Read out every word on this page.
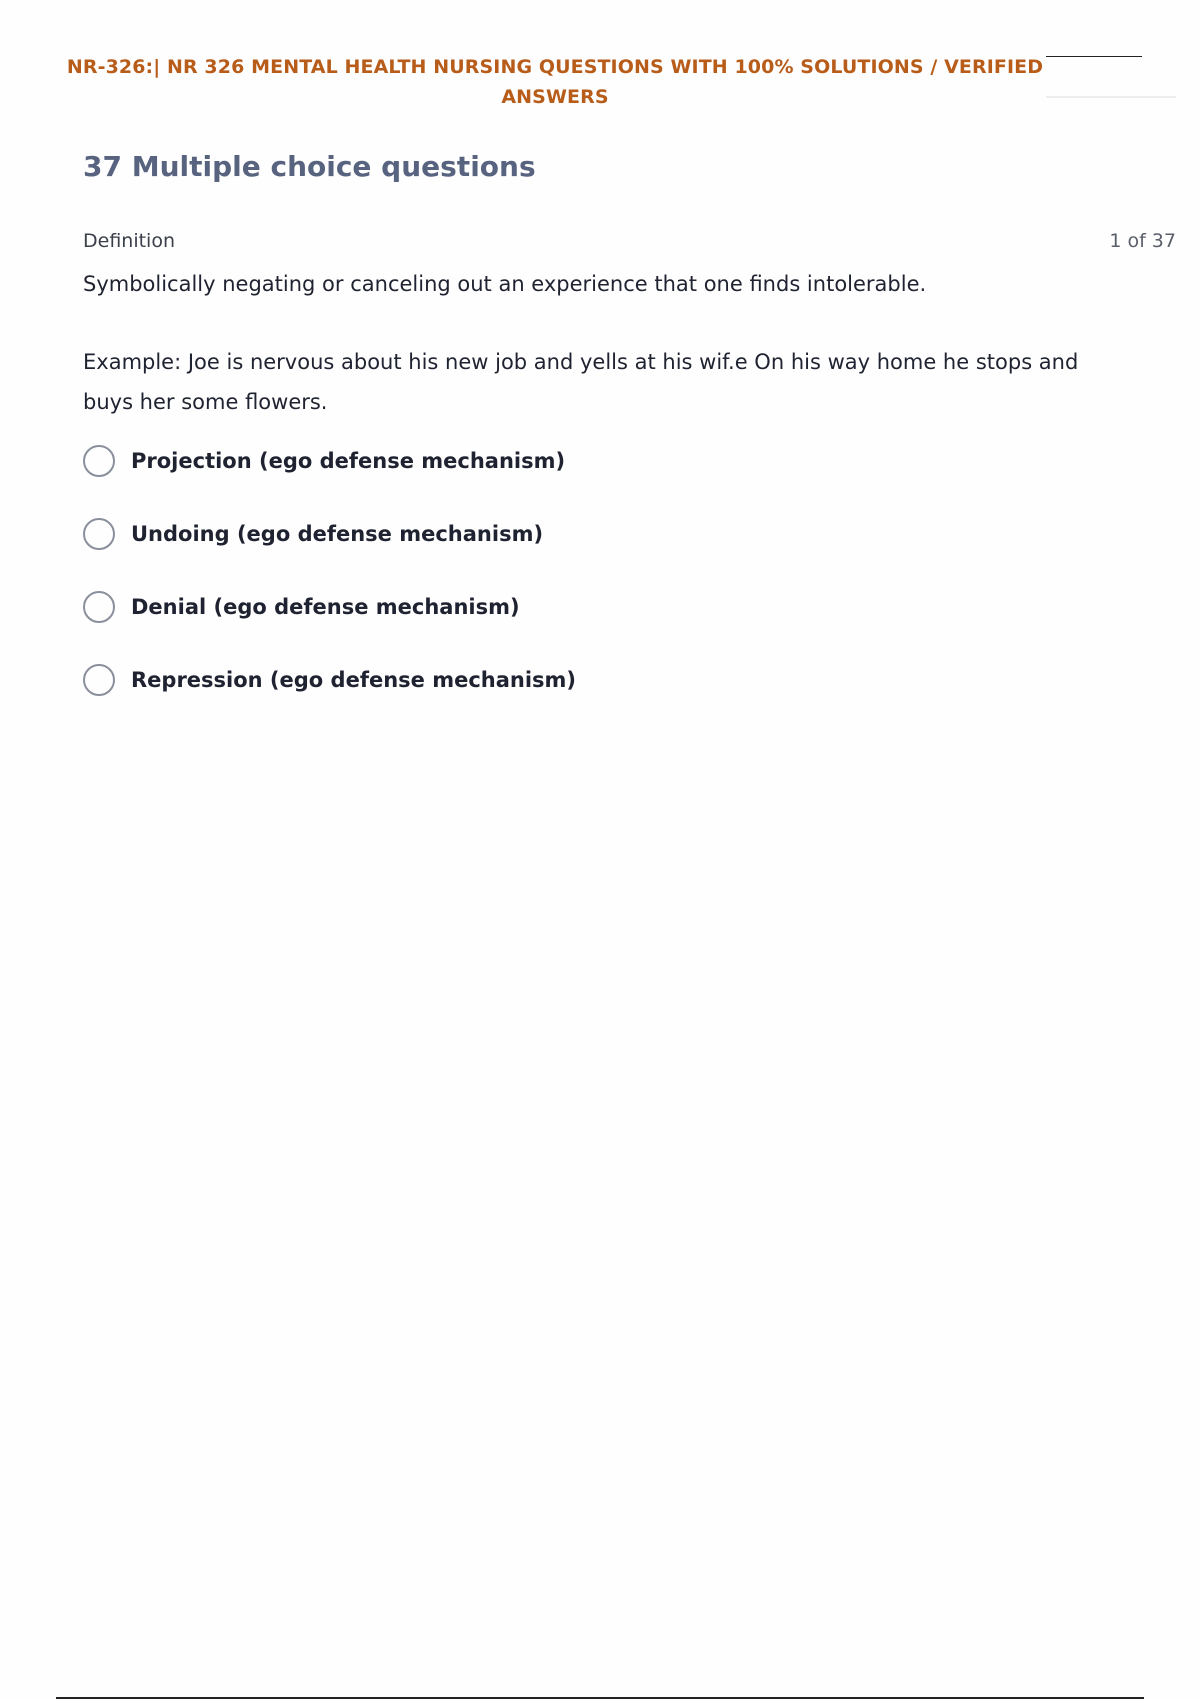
NR-326:| NR 326 MENTAL HEALTH NURSING QUESTIONS WITH 100% SOLUTIONS / VERIFIED
ANSWERS
37 Multiple choice questions
Definition	1 of 37

Symbolically negating or canceling out an experience that one finds intolerable.

Example: Joe is nervous about his new job and yells at his wif.e On his way home he stops and buys her some flowers.

Projection (ego defense mechanism)
Undoing (ego defense mechanism)
Denial (ego defense mechanism)
Repression (ego defense mechanism)
